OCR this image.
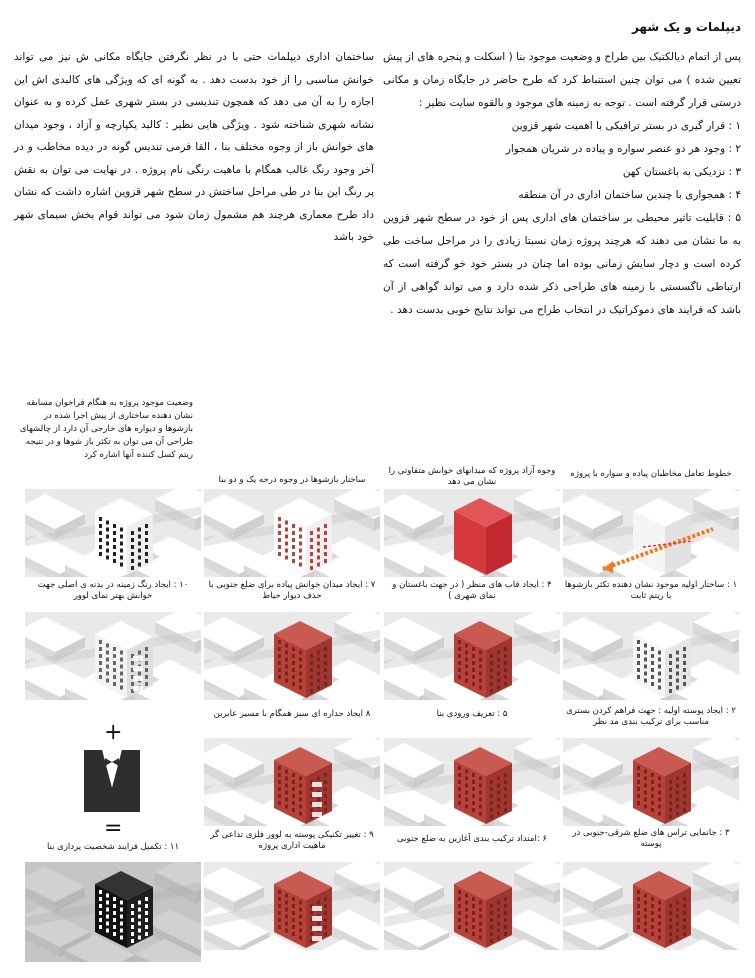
دیپلمات و یک شهر

پس از اتمام دیالکتیک بین طراح و وضعیت موجود بنا ( اسکلت و پنجره های از پیش تعیین شده ) می توان چنین استنباط کرد که طرح حاضر در جایگاه زمان و مکانی درستی قرار گرفته است . توجه به زمینه های موجود و بالقوه سایت نظیر :

۱ : قرار گیری در بستر ترافیکی با اهمیت شهر قزوین
۲ : وجود هر دو عنصر سواره و پیاده در شریان همجوار
۳ : نزدیکی به باغستان کهن
۴ : همجواری با چندین ساختمان اداری در آن منطقه
۵ : قابلیت تاثیر محیطی بر ساختمان های اداری پس از خود در سطح شهر قزوین به ما نشان می دهند که هرچند پروژه زمان نسبتا زیادی را در مراحل ساخت طی کرده است و دچار سایش زمانی بوده اما چنان در بستر خود خو گرفته است که ارتباطی ناگسستی با زمینه های طراحی ذکر شده دارد و می تواند گواهی از آن باشد که فرایند های دموکراتیک در انتخاب طراح می تواند نتایج خوبی بدست دهد .
ساختمان اداری دیپلمات حتی با در نظر نگرفتن جایگاه مکانی ش نیز می تواند خوانش مناسبی را از خود بدست دهد . به گونه ای که ویژگی های کالبدی اش این اجازه را به آن می دهد که همچون تندیسی در بستر شهری عمل کرده و به عنوان نشانه شهری شناخته شود . ویژگی هایی نظیر : کالبد یکپارچه و آزاد ، وجود میدان های خوانش باز از وجوه مختلف بنا ، القا فرمی تندیس گونه در دیده مخاطب و در آخر وجود رنگ غالب همگام با ماهیت رنگی نام پروژه . در نهایت می توان به نقش پر رنگ این بنا در طی مراحل ساختش در سطح شهر قزوین اشاره داشت که نشان داد طرح معماری هرچند هم مشمول زمان شود می تواند قوام بخش سیمای شهر خود باشد
وضعیت موجود پروژه به هنگام فراخوان مسابقه نشان دهنده ساختاری از پیش اجرا شده در بازشوها و دیواره های خارجی آن دارد از چالشهای طراحی آن می توان به تکثر باز شوها و در نتیجه ریتم کسل کننده آنها اشاره کرد
خطوط تعامل مخاطبان پیاده و سواره با پروژه
وجوه آزاد پروژه که میدانهای خوانش متفاوتی را نشان می دهد
ساختار بازشوها در وجوه درجه یک و دو بنا
۱ : ساختار اولیه موجود نشان دهنده تکثر بازشوها با ریتم ثابت
۴ : ایجاد قاب های منظر ( در جهت باغستان و نمای شهری )
۷ : ایجاد میدان خوانش پیاده برای ضلع جنوبی با حذف دیوار حیاط
۱۰ : ایجاد رنگ زمینه در بدنه ی اصلی جهت خوانش بهتر نمای لوور
۲ : ایجاد پوسته اولیه : جهت فراهم کردن بستری مناسب برای ترکیب بندی مد نظر
۵ : تعریف ورودی بنا
۸ ایجاد جداره ای سبز همگام با مسیر عابرین
+
=	۳ : جانمایی تراس های ضلع شرقی-جنوبی در پوسته
۶ :امتداد ترکیب بندی آغازین به ضلع جنوبی
۹ : تغییر تکنیکی پوسته به لوور فلزی تداعی گر ماهیت اداری پروژه
۱۱ : تکمیل فرایند شخصیت پردازی بنا
